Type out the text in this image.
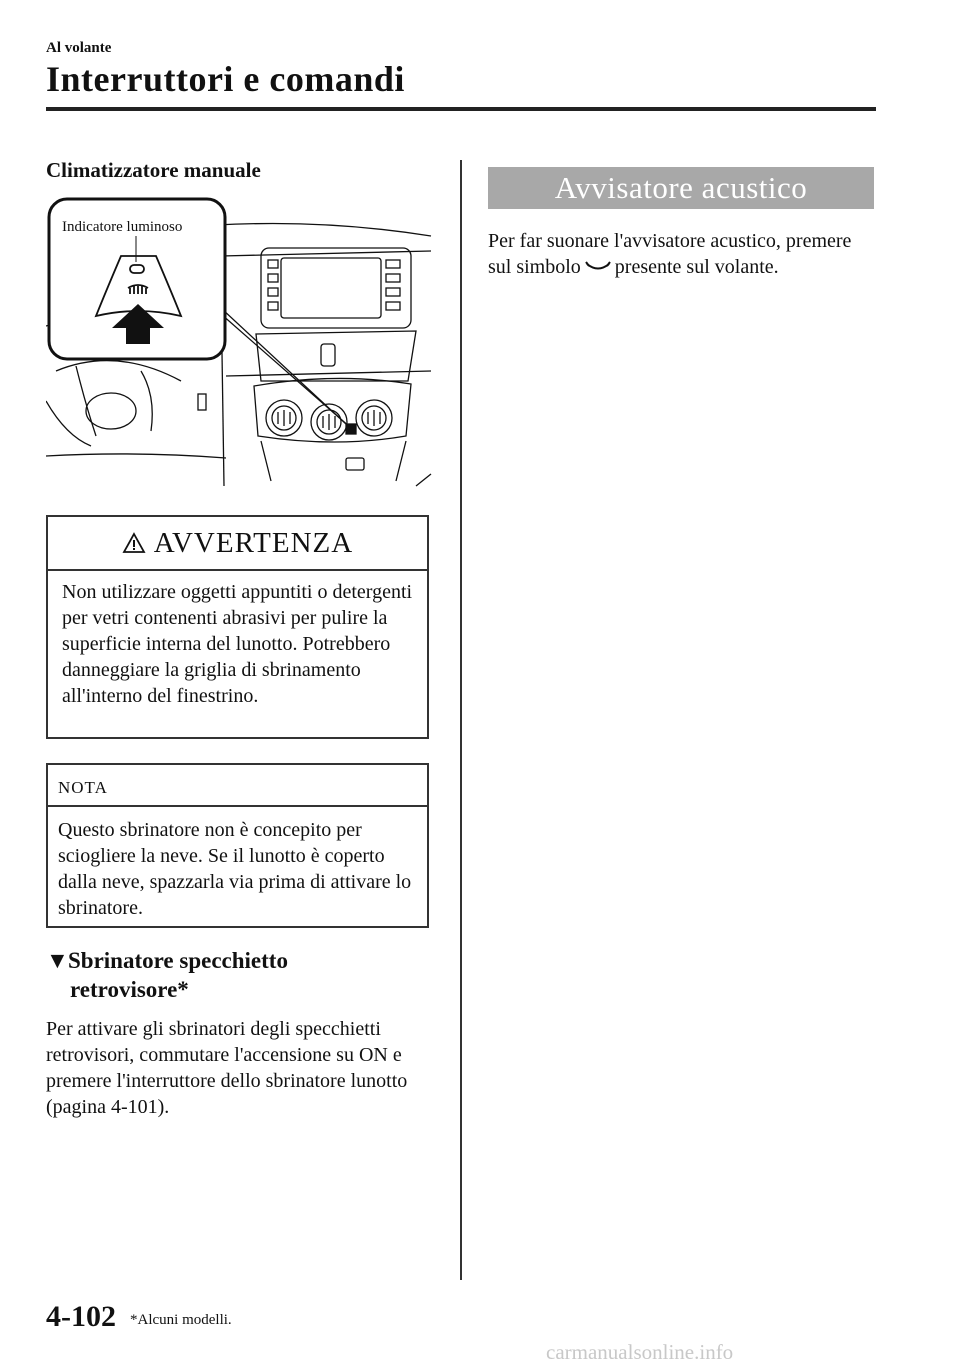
Al volante
Interruttori e comandi
Climatizzatore manuale
Indicatore luminoso
AVVERTENZA
Non utilizzare oggetti appuntiti o detergenti per vetri contenenti abrasivi per pulire la superficie interna del lunotto. Potrebbero danneggiare la griglia di sbrinamento all'interno del finestrino.
NOTA
Questo sbrinatore non è concepito per sciogliere la neve. Se il lunotto è coperto dalla neve, spazzarla via prima di attivare lo sbrinatore.
▼Sbrinatore specchietto
retrovisore*
Per attivare gli sbrinatori degli specchietti retrovisori, commutare l'accensione su ON e premere l'interruttore dello sbrinatore lunotto (pagina 4-101).
Avvisatore acustico
Per far suonare l'avvisatore acustico, premere sul simbolo presente sul volante.
4-102 *Alcuni modelli.
carmanualsonline.info
